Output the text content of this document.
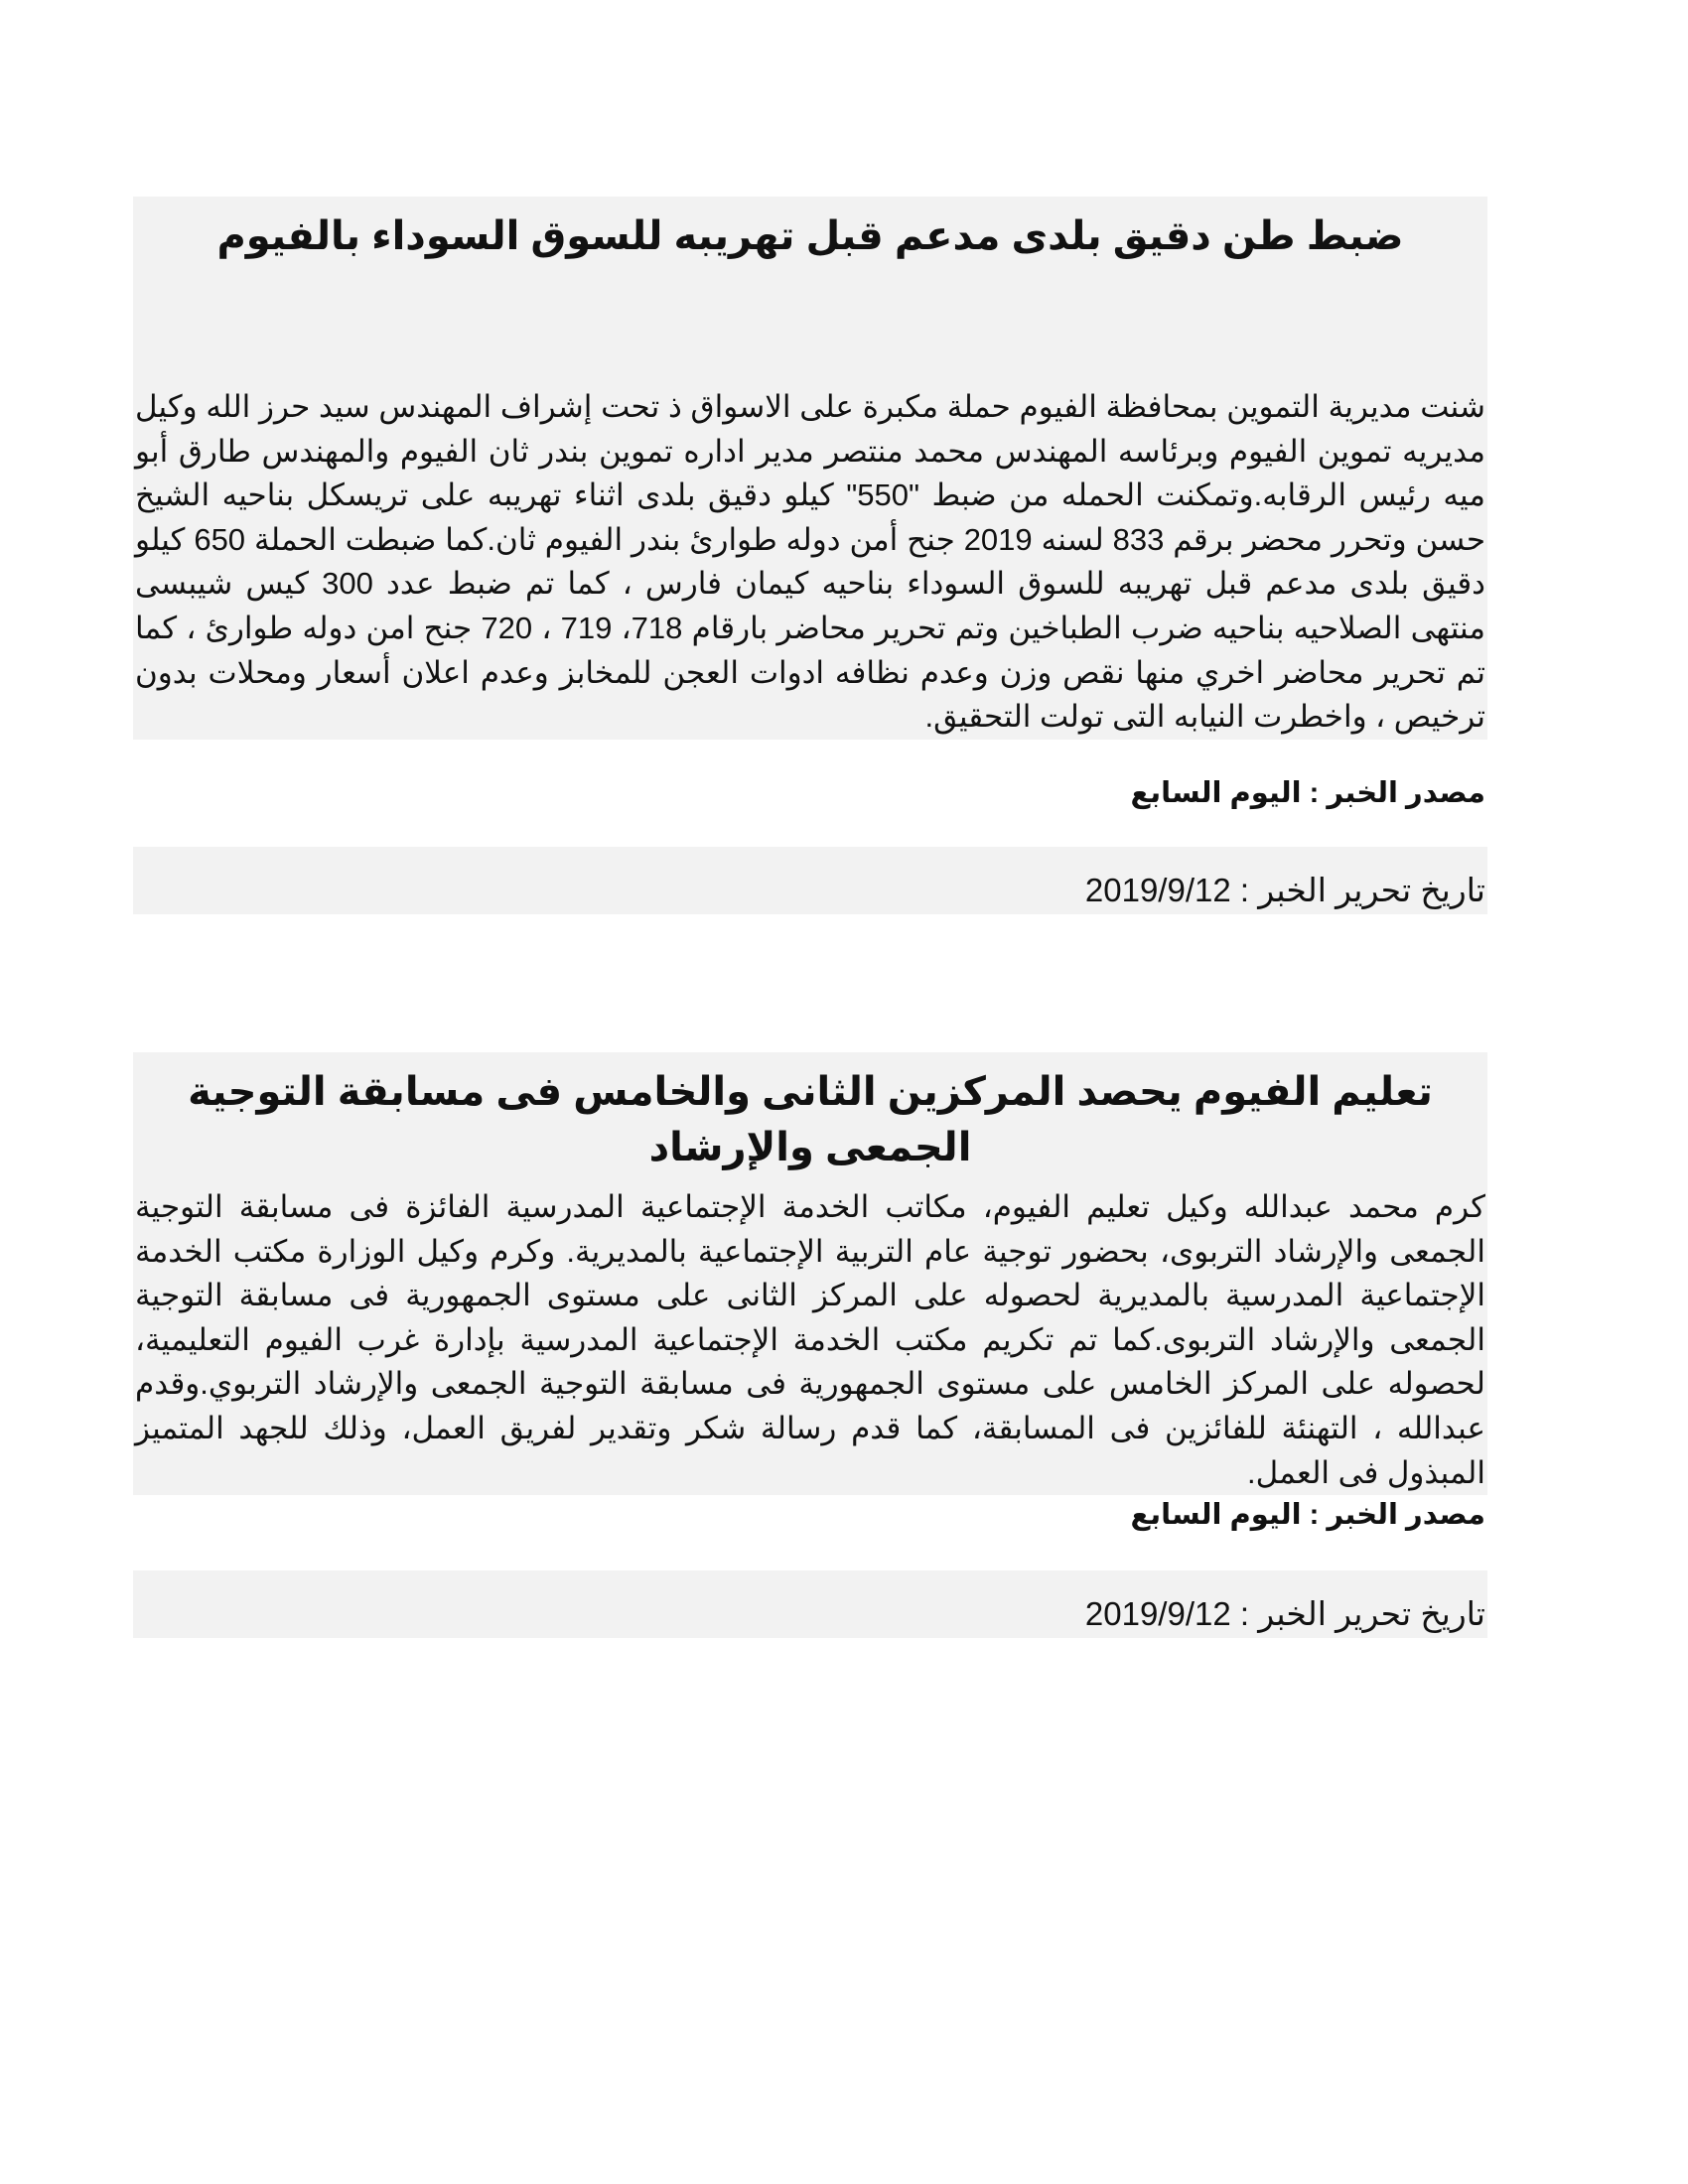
ضبط طن دقيق بلدى مدعم قبل تهريبه للسوق السوداء بالفيوم

شنت مديرية التموين بمحافظة الفيوم حملة مكبرة على الاسواق ذ تحت إشراف المهندس سيد حرز الله وكيل مديريه تموين الفيوم وبرئاسه المهندس محمد منتصر مدير اداره تموين بندر ثان الفيوم والمهندس طارق أبو ميه رئيس الرقابه.وتمكنت الحمله من ضبط "550" كيلو دقيق بلدى اثناء تهريبه على تريسكل بناحيه الشيخ حسن وتحرر محضر برقم 833 لسنه 2019 جنح أمن دوله طوارئ بندر الفيوم ثان.كما ضبطت الحملة 650 كيلو دقيق بلدى مدعم قبل تهريبه للسوق السوداء بناحيه كيمان فارس ، كما تم ضبط عدد 300 كيس شيبسى منتهى الصلاحيه بناحيه ضرب الطباخين وتم تحرير محاضر بارقام 718، 719 ، 720 جنح امن دوله طوارئ ، كما تم تحرير محاضر اخري منها نقص وزن وعدم نظافه ادوات العجن للمخابز وعدم اعلان أسعار ومحلات بدون ترخيص ، واخطرت النيابه التى تولت التحقيق.

مصدر الخبر : اليوم السابع

تاريخ تحرير الخبر : 2019/9/12

تعليم الفيوم يحصد المركزين الثانى والخامس فى مسابقة التوجية الجمعى والإرشاد

كرم محمد عبدالله وكيل تعليم الفيوم، مكاتب الخدمة الإجتماعية المدرسية الفائزة فى مسابقة التوجية الجمعى والإرشاد التربوى، بحضور توجية عام التربية الإجتماعية بالمديرية. وكرم وكيل الوزارة مكتب الخدمة الإجتماعية المدرسية بالمديرية لحصوله على المركز الثانى على مستوى الجمهورية فى مسابقة التوجية الجمعى والإرشاد التربوى.كما تم تكريم مكتب الخدمة الإجتماعية المدرسية بإدارة غرب الفيوم التعليمية، لحصوله على المركز الخامس على مستوى الجمهورية فى مسابقة التوجية الجمعى والإرشاد التربوي.وقدم عبدالله ، التهنئة للفائزين فى المسابقة، كما قدم رسالة شكر وتقدير لفريق العمل، وذلك للجهد المتميز المبذول فى العمل.

مصدر الخبر : اليوم السابع

تاريخ تحرير الخبر : 2019/9/12
